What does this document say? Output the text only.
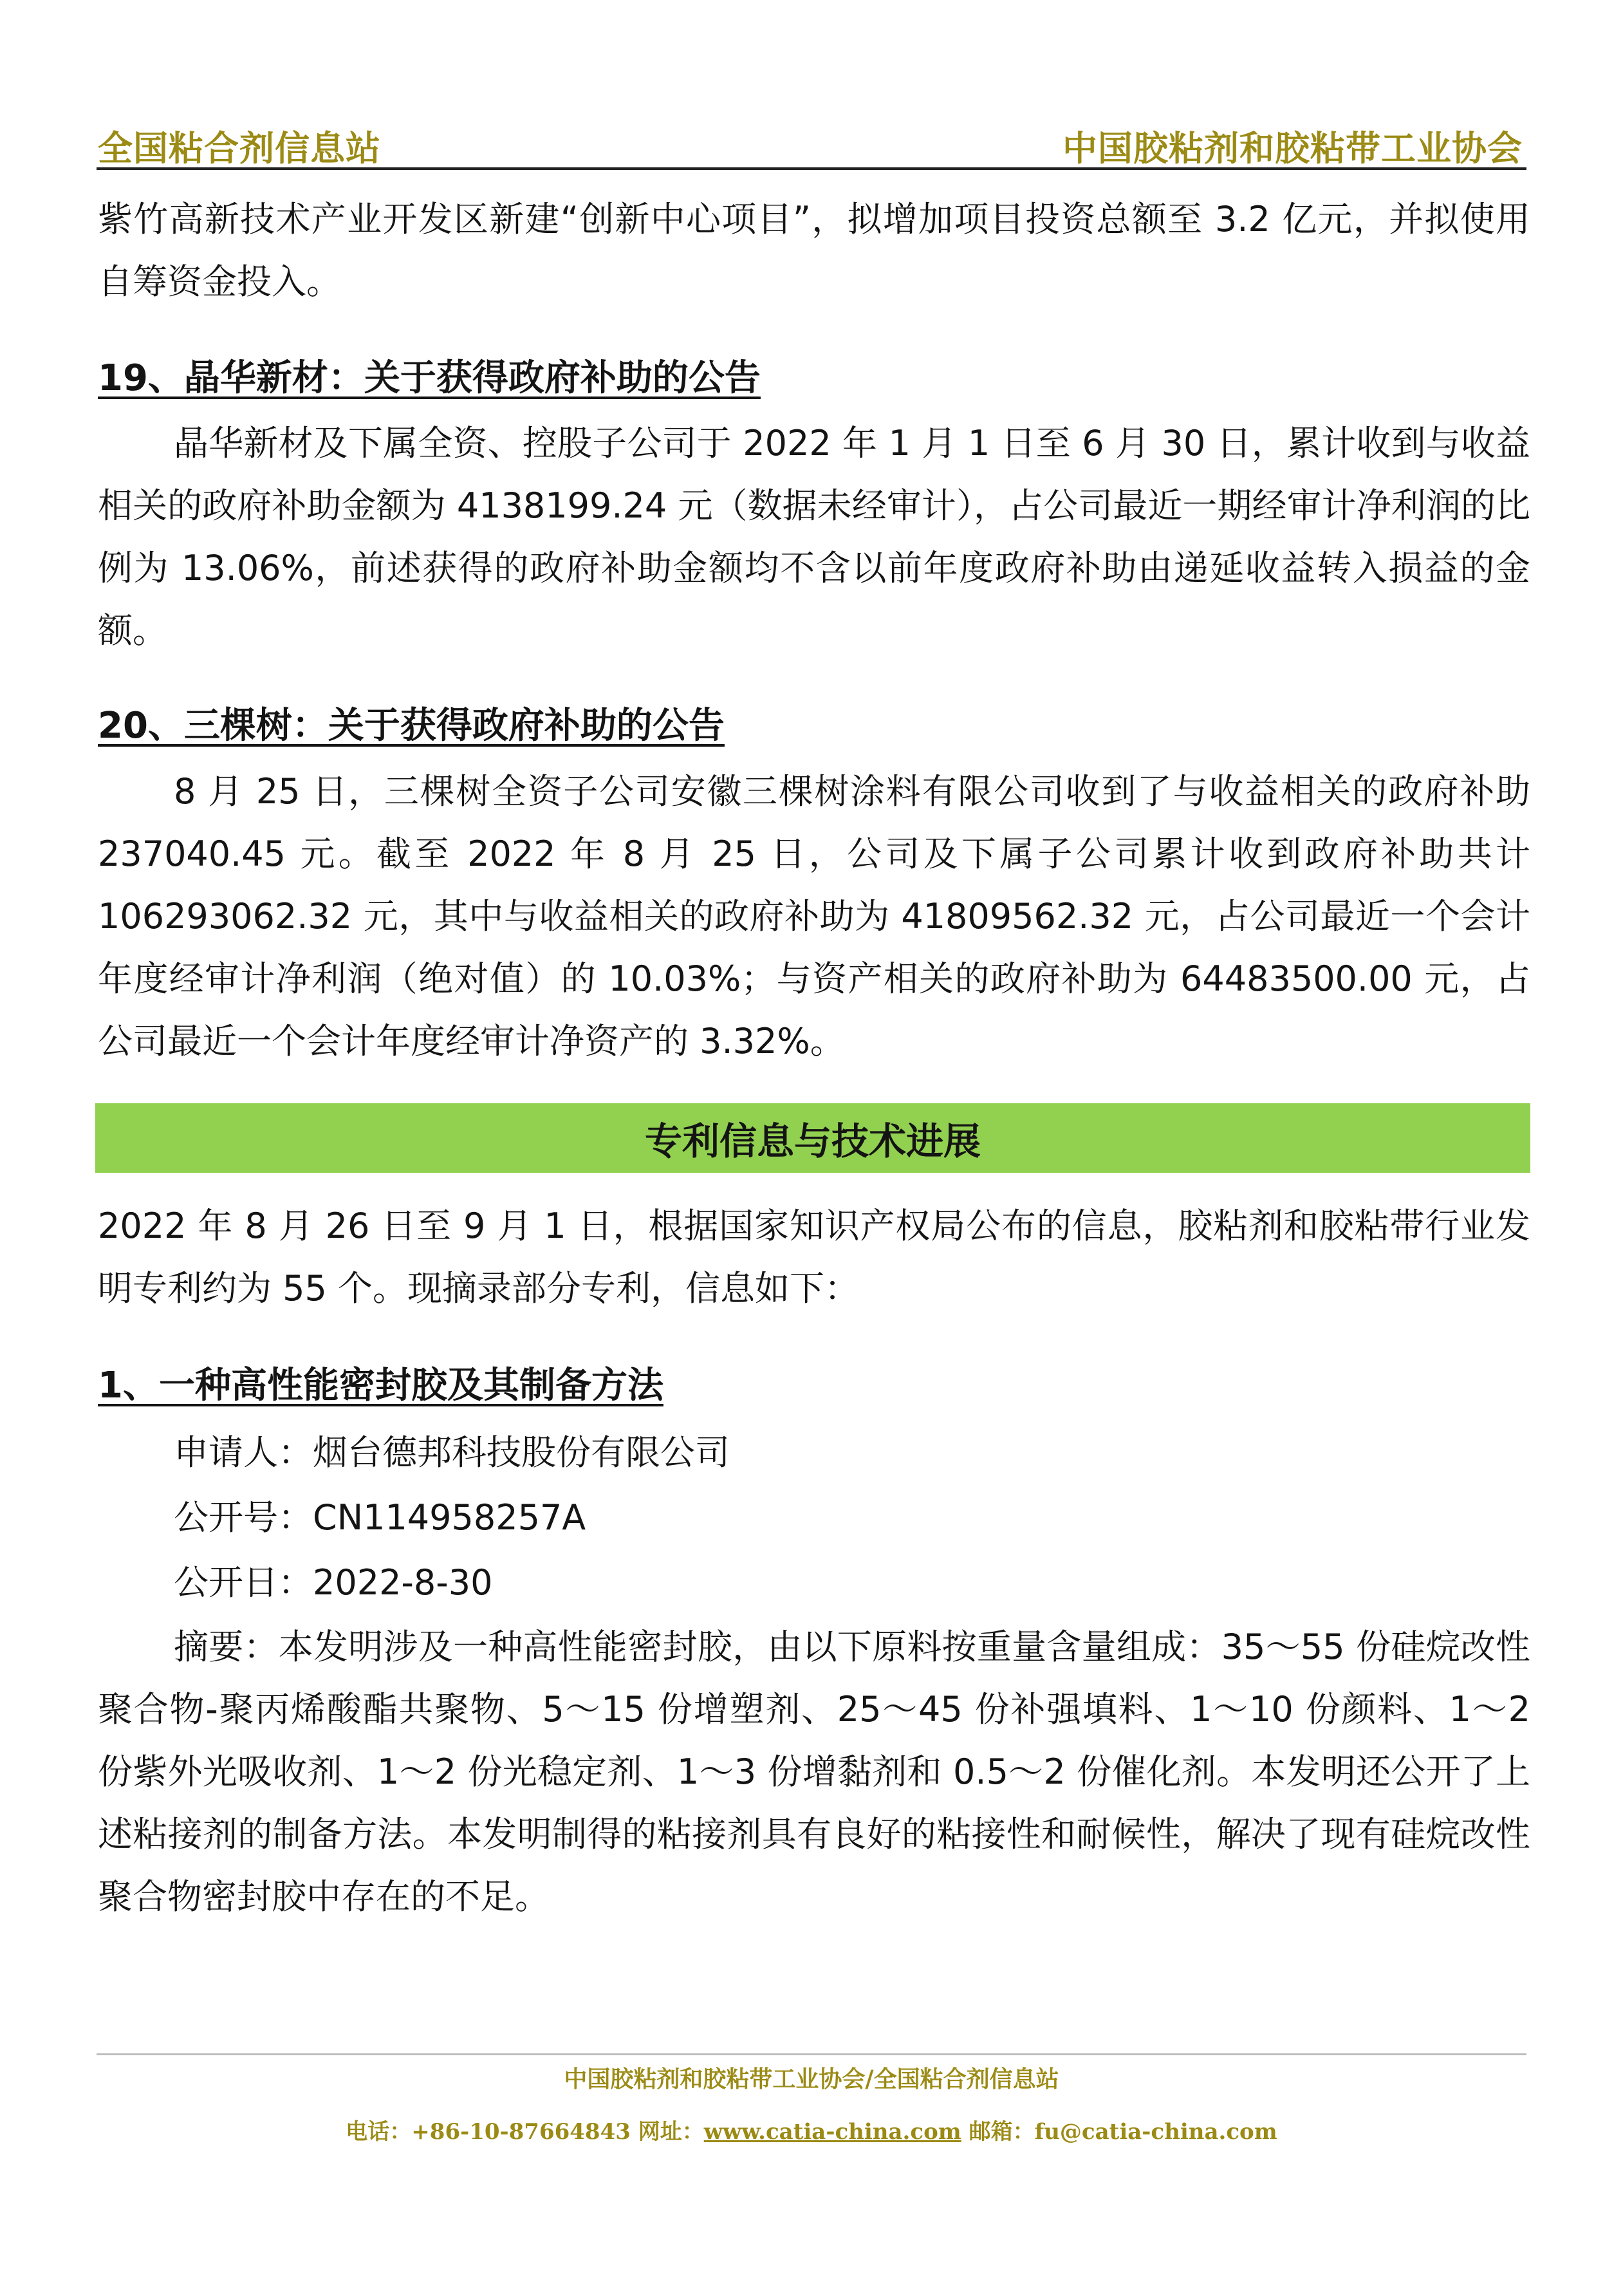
全国粘合剂信息站	中国胶粘剂和胶粘带工业协会

紫竹高新技术产业开发区新建“创新中心项目”，拟增加项目投资总额至 3.2 亿元，并拟使用自筹资金投入。

19、晶华新材：关于获得政府补助的公告

晶华新材及下属全资、控股子公司于 2022 年 1 月 1 日至 6 月 30 日，累计收到与收益相关的政府补助金额为 4138199.24 元（数据未经审计），占公司最近一期经审计净利润的比例为 13.06%，前述获得的政府补助金额均不含以前年度政府补助由递延收益转入损益的金额。

20、三棵树：关于获得政府补助的公告

8 月 25 日，三棵树全资子公司安徽三棵树涂料有限公司收到了与收益相关的政府补助 237040.45 元。截至 2022 年 8 月 25 日，公司及下属子公司累计收到政府补助共计 106293062.32 元，其中与收益相关的政府补助为 41809562.32 元，占公司最近一个会计年度经审计净利润（绝对值）的 10.03%；与资产相关的政府补助为 64483500.00 元，占公司最近一个会计年度经审计净资产的 3.32%。

专利信息与技术进展

2022 年 8 月 26 日至 9 月 1 日，根据国家知识产权局公布的信息，胶粘剂和胶粘带行业发明专利约为 55 个。现摘录部分专利，信息如下：

1、一种高性能密封胶及其制备方法

申请人：烟台德邦科技股份有限公司

公开号：CN114958257A

公开日：2022-8-30

摘要：本发明涉及一种高性能密封胶，由以下原料按重量含量组成：35～55 份硅烷改性聚合物-聚丙烯酸酯共聚物、5～15 份增塑剂、25～45 份补强填料、1～10 份颜料、1～2 份紫外光吸收剂、1～2 份光稳定剂、1～3 份增黏剂和 0.5～2 份催化剂。本发明还公开了上述粘接剂的制备方法。本发明制得的粘接剂具有良好的粘接性和耐候性，解决了现有硅烷改性聚合物密封胶中存在的不足。

中国胶粘剂和胶粘带工业协会/全国粘合剂信息站
电话：+86-10-87664843 网址：www.catia-china.com 邮箱：fu@catia-china.com
